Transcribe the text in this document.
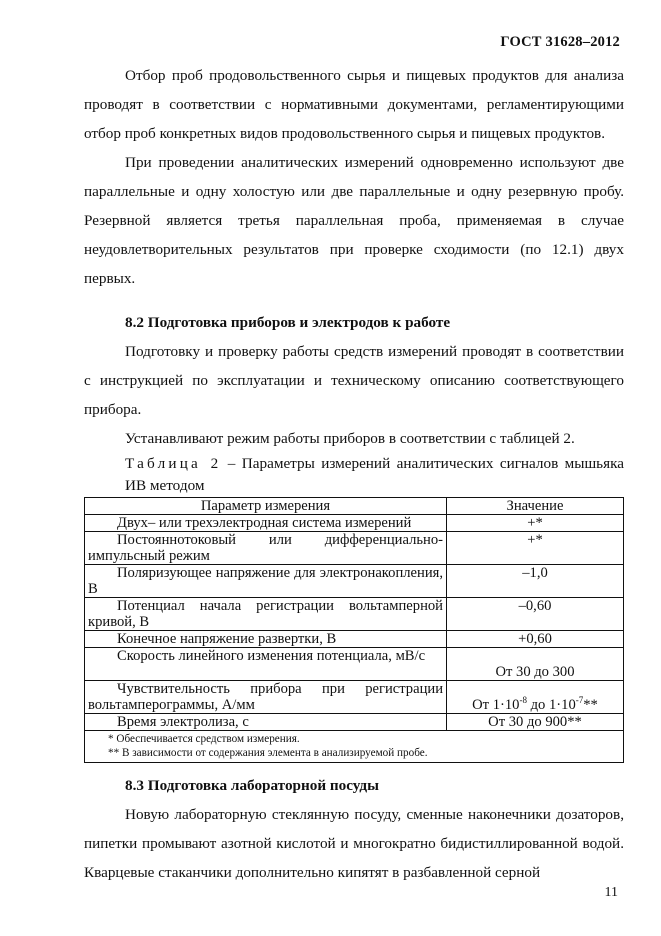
ГОСТ 31628–2012

Отбор проб продовольственного сырья и пищевых продуктов для анализа проводят в соответствии с нормативными документами, регламентирующими отбор проб конкретных видов продовольственного сырья и пищевых продуктов.

При проведении аналитических измерений одновременно используют две параллельные и одну холостую или две параллельные и одну резервную пробу. Резервной является третья параллельная проба, применяемая в случае неудовлетворительных результатов при проверке сходимости (по 12.1) двух первых.

8.2 Подготовка приборов и электродов к работе

Подготовку и проверку работы средств измерений проводят в соответствии с инструкцией по эксплуатации и техническому описанию соответствующего прибора.

Устанавливают режим работы приборов в соответствии с таблицей 2.

Таблица 2 – Параметры измерений аналитических сигналов мышьяка

ИВ методом

Параметр измерения	Значение
Двух– или трехэлектродная система измерений	+*
Постояннотоковый или дифференциально-импульсный режим	+*
Поляризующее напряжение для электронакопления, В	–1,0
Потенциал начала регистрации вольтамперной кривой, В	–0,60
Конечное напряжение развертки, В	+0,60
Скорость линейного изменения потенциала, мВ/с	От 30 до 300
Чувствительность прибора при регистрации вольтамперограммы, А/мм	От $1\cdot 10^{-8}$ до $1\cdot 10^{-7}**$
Время электролиза, с	От 30 до 900**

* Обеспечивается средством измерения.
** В зависимости от содержания элемента в анализируемой пробе.	
8.3 Подготовка лабораторной посуды

Новую лабораторную стеклянную посуду, сменные наконечники дозаторов, пипетки промывают азотной кислотой и многократно бидистиллированной водой. Кварцевые стаканчики дополнительно кипятят в разбавленной серной

11
